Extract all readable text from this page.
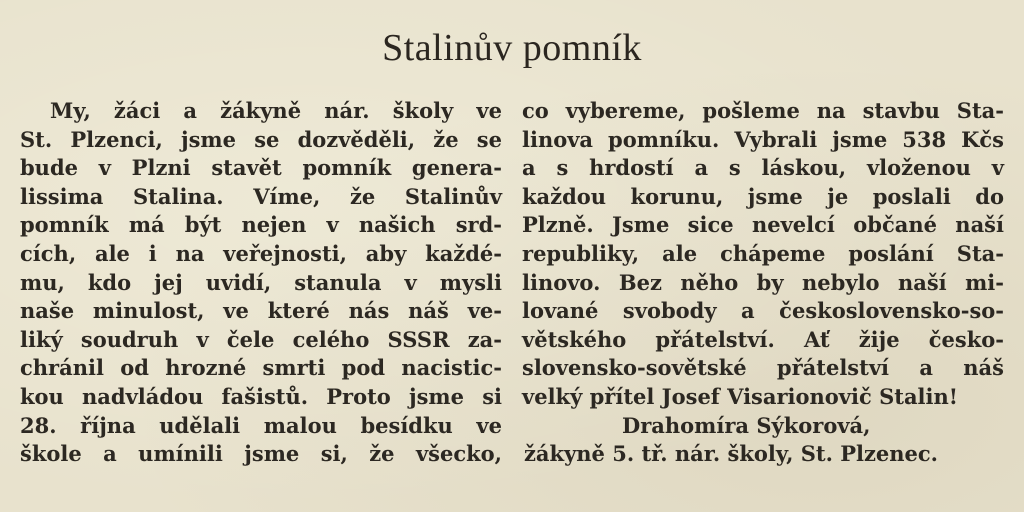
Stalinův pomník
My, žáci a žákyně nár. školy ve
St. Plzenci, jsme se dozvěděli, že se
bude v Plzni stavět pomník genera-
lissima Stalina. Víme, že Stalinův
pomník má být nejen v našich srd-
cích, ale i na veřejnosti, aby každé-
mu, kdo jej uvidí, stanula v mysli
naše minulost, ve které nás náš ve-
liký soudruh v čele celého SSSR za-
chránil od hrozné smrti pod nacistic-
kou nadvládou fašistů. Proto jsme si
28. října udělali malou besídku ve
škole a umínili jsme si, že všecko,
co vybereme, pošleme na stavbu Sta-
linova pomníku. Vybrali jsme 538 Kčs
a s hrdostí a s láskou, vloženou v
každou korunu, jsme je poslali do
Plzně. Jsme sice nevelcí občané naší
republiky, ale chápeme poslání Sta-
linovo. Bez něho by nebylo naší mi-
lované svobody a československo-so-
větského přátelství. Ať žije česko-
slovensko-sovětské přátelství a náš
velký přítel Josef Visarionovič Stalin!
Drahomíra Sýkorová,
žákyně 5. tř. nár. školy, St. Plzenec.
